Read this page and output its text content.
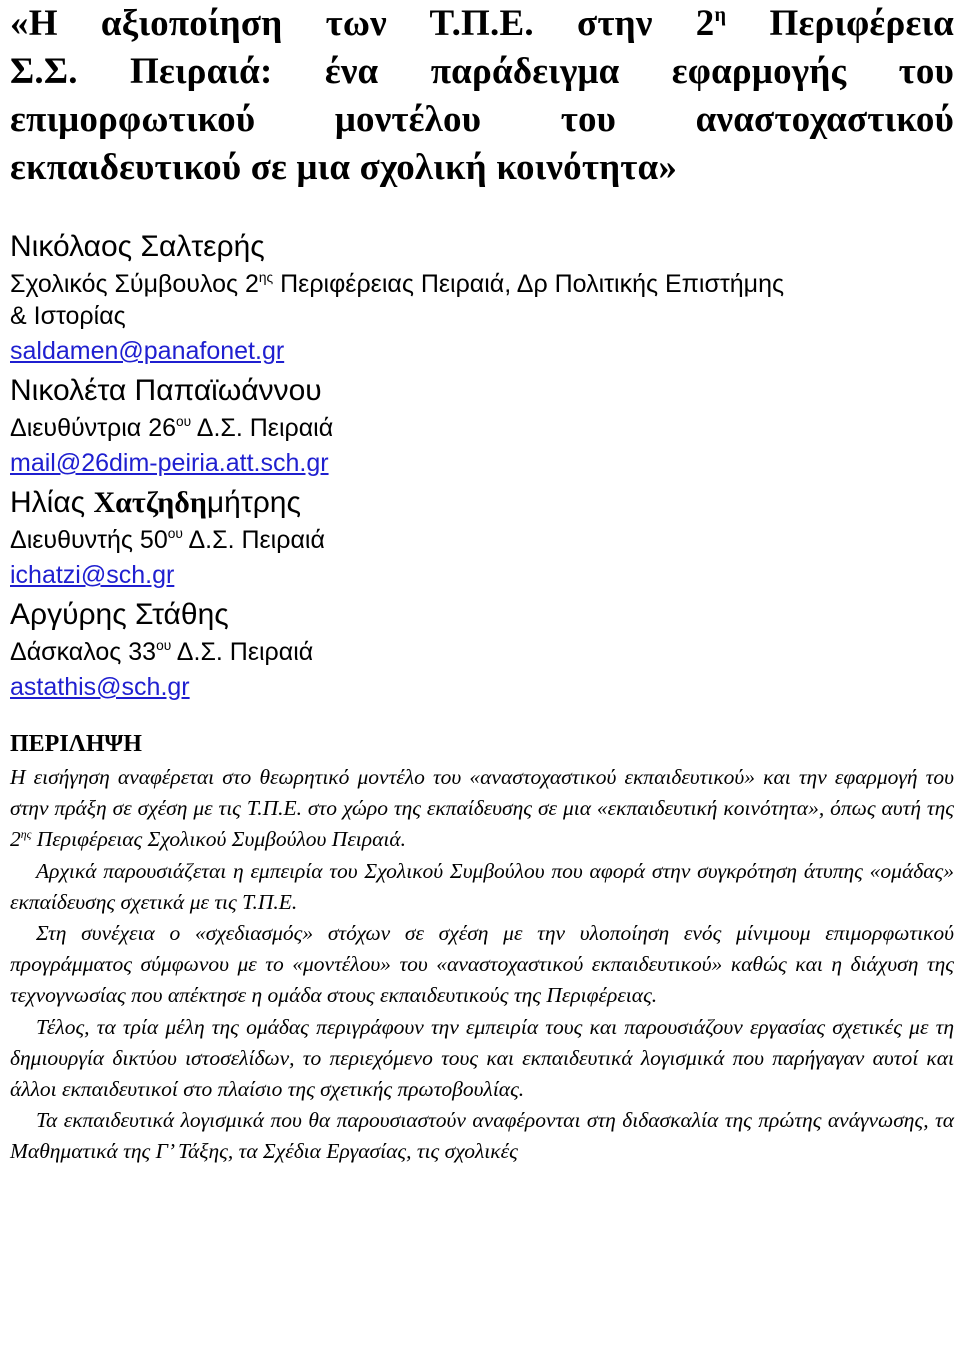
«Η αξιοποίηση των Τ.Π.Ε. στην $2^\eta$ Περιφέρεια
Σ.Σ. Πειραιά: ένα παράδειγμα εφαρμογής του
επιμορφωτικού μοντέλου του αναστοχαστικού
εκπαιδευτικού σε μια σχολική κοινότητα»
Νικόλαος Σαλτερής
Σχολικός Σύμβουλος $2^{\eta\varsigma}$ Περιφέρειας Πειραιά, Δρ Πολιτικής Επιστήμης
& Ιστορίας
saldamen@panafonet.gr
Νικολέτα Παπαϊωάννου
Διευθύντρια $26^{o\upsilon}$ Δ.Σ. Πειραιά
mail@26dim-peiria.att.sch.gr
Ηλίας Χατζηδημήτρης
Διευθυντής $50^{o\upsilon}$ Δ.Σ. Πειραιά
ichatzi@sch.gr
Αργύρης Στάθης
Δάσκαλος $33^{o\upsilon}$ Δ.Σ. Πειραιά
astathis@sch.gr
ΠΕΡΙΛΗΨΗ

Η εισήγηση αναφέρεται στο θεωρητικό μοντέλο του «αναστοχαστικού εκπαιδευτικού» και την εφαρμογή του στην πράξη σε σχέση με τις Τ.Π.Ε. στο χώρο της εκπαίδευσης σε μια «εκπαιδευτική κοινότητα», όπως αυτή της $2^{\eta\varsigma}$ Περιφέρειας Σχολικού Συμβούλου Πειραιά.

Αρχικά παρουσιάζεται η εμπειρία του Σχολικού Συμβούλου που αφορά στην συγκρότηση άτυπης «ομάδας» εκπαίδευσης σχετικά με τις Τ.Π.Ε.

Στη συνέχεια ο «σχεδιασμός» στόχων σε σχέση με την υλοποίηση ενός μίνιμουμ επιμορφωτικού προγράμματος σύμφωνου με το «μοντέλου» του «αναστοχαστικού εκπαιδευτικού» καθώς και η διάχυση της τεχνογνωσίας που απέκτησε η ομάδα στους εκπαιδευτικούς της Περιφέρειας.

Τέλος, τα τρία μέλη της ομάδας περιγράφουν την εμπειρία τους και παρουσιάζουν εργασίας σχετικές με τη δημιουργία δικτύου ιστοσελίδων, το περιεχόμενο τους και εκπαιδευτικά λογισμικά που παρήγαγαν αυτοί και άλλοι εκπαιδευτικοί στο πλαίσιο της σχετικής πρωτοβουλίας.

Τα εκπαιδευτικά λογισμικά που θα παρουσιαστούν αναφέρονται στη διδασκαλία της πρώτης ανάγνωσης, τα Μαθηματικά της Γ’ Τάξης, τα Σχέδια Εργασίας, τις σχολικές
